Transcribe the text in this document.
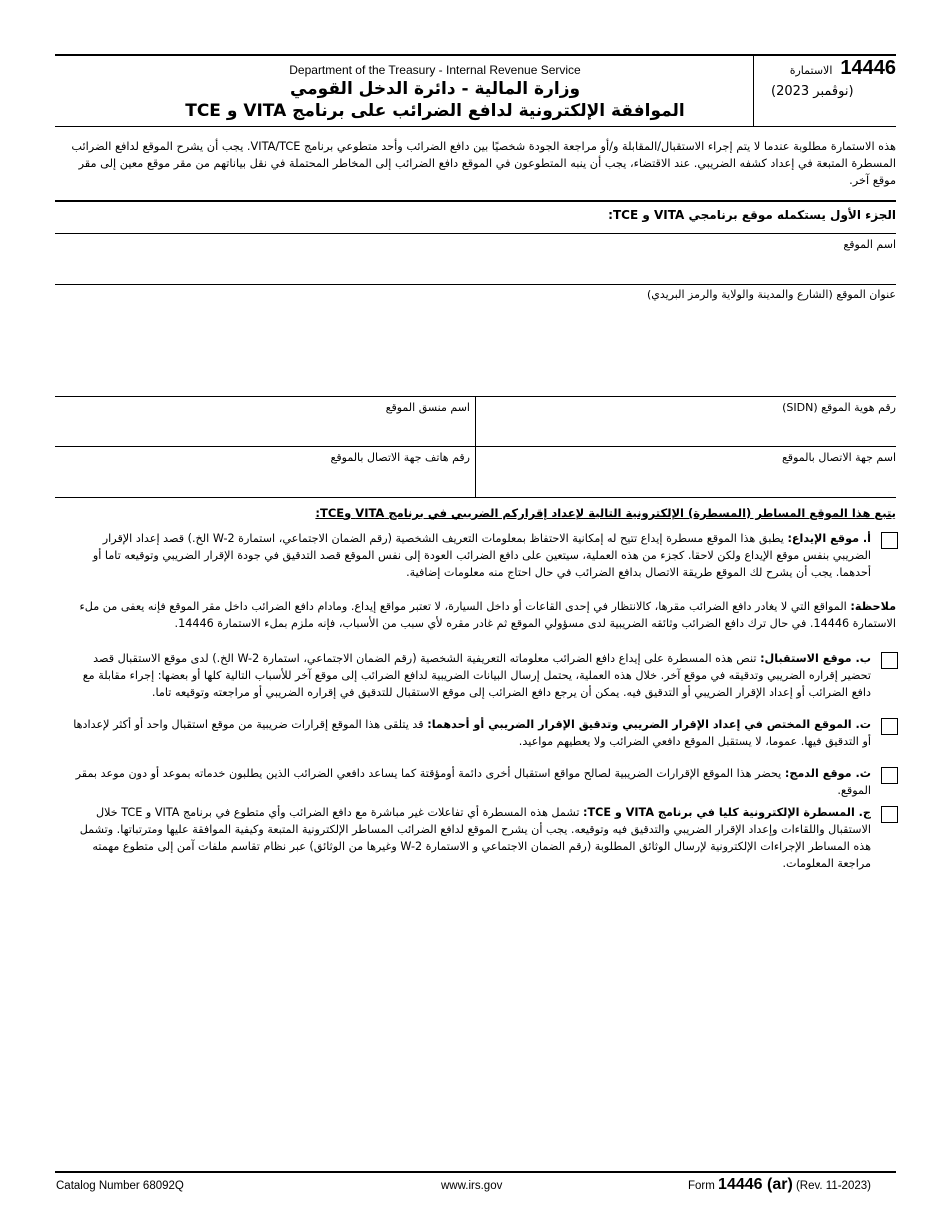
الاستمارة 14446
(نوڤمبر 2023)
Department of the Treasury - Internal Revenue Service
وزارة المالية - دائرة الدخل القومي
الموافقة الإلكترونية لدافع الضرائب على برنامج VITA و TCE
هذه الاستمارة مطلوبة عندما لا يتم إجراء الاستقبال/المقابلة و/أو مراجعة الجودة شخصيًا بين دافع الضرائب وأحد متطوعي برنامج VITA/TCE. يجب أن يشرح الموقع لدافع الضرائب المسطرة المتبعة في إعداد كشفه الضريبي. عند الاقتضاء، يجب أن ينبه المتطوعون في الموقع دافع الضرائب إلى المخاطر المحتملة في نقل بياناتهم من مقر موقع معين إلى مقر موقع آخر.
الجزء الأول يستكمله موقع برنامجي VITA و TCE:
اسم الموقع
عنوان الموقع (الشارع والمدينة والولاية والرمز البريدي)
رقم هوية الموقع (SIDN)
اسم منسق الموقع
اسم جهة الاتصال بالموقع
رقم هاتف جهة الاتصال بالموقع
يتبع هذا الموقع المساطر (المسطرة) الإلكترونية التالية لإعداد إقراركم الضريبي في برنامج VITA وTCE:
أ. موقع الإيداع: يطبق هذا الموقع مسطرة إيداع تتيح له إمكانية الاحتفاظ بمعلومات التعريف الشخصية (رقم الضمان الاجتماعي، استمارة W-2 الخ.) قصد إعداد الإقرار الضريبي بنفس موقع الإيداع ولكن لاحقا. كجزء من هذه العملية، سيتعين على دافع الضرائب العودة إلى نفس الموقع قصد التدقيق في جودة الإقرار الضريبي وتوقيعه تاما أو أحدهما. يجب أن يشرح لك الموقع طريقة الاتصال بدافع الضرائب في حال احتاج منه معلومات إضافية.
ملاحظة: المواقع التي لا يغادر دافع الضرائب مقرها، كالانتظار في إحدى القاعات أو داخل السيارة، لا تعتبر مواقع إيداع. ومادام دافع الضرائب داخل مقر الموقع فإنه يعفى من ملء الاستمارة 14446. في حال ترك دافع الضرائب وثائقه الضريبية لدى مسؤولي الموقع ثم غادر مقره لأي سبب من الأسباب، فإنه ملزم بملء الاستمارة 14446.
ب. موقع الاستقبال: تنص هذه المسطرة على إيداع دافع الضرائب معلوماته التعريفية الشخصية (رقم الضمان الاجتماعي، استمارة W-2 الخ.) لدى موقع الاستقبال قصد تحضير إقراره الضريبي وتدقيقه في موقع آخر. خلال هذه العملية، يحتمل إرسال البيانات الضريبية لدافع الضرائب إلى موقع آخر للأسباب التالية كلها أو بعضها: إجراء مقابلة مع دافع الضرائب أو إعداد الإقرار الضريبي أو التدقيق فيه. يمكن أن يرجع دافع الضرائب إلى موقع الاستقبال للتدقيق في إقراره الضريبي أو مراجعته وتوقيعه تاما.
ت. الموقع المختص في إعداد الإقرار الضريبي وتدقيق الإقرار الضريبي أو أحدهما: قد يتلقى هذا الموقع إقرارات ضريبية من موقع استقبال واحد أو أكثر لإعدادها أو التدقيق فيها. عموما، لا يستقبل الموقع دافعي الضرائب ولا يعطيهم مواعيد.
ث. موقع الدمج: يحضر هذا الموقع الإقرارات الضريبية لصالح مواقع استقبال أخرى دائمة أومؤقتة كما يساعد دافعي الضرائب الذين يطلبون خدماته بموعد أو دون موعد بمقر الموقع.
ج. المسطرة الإلكترونية كليا في برنامج VITA و TCE: تشمل هذه المسطرة أي تفاعلات غير مباشرة مع دافع الضرائب وأي متطوع في برنامج VITA و TCE خلال الاستقبال واللقاءات وإعداد الإقرار الضريبي والتدقيق فيه وتوقيعه. يجب أن يشرح الموقع لدافع الضرائب المساطر الإلكترونية المتبعة وكيفية الموافقة عليها ومترتباتها. وتشمل هذه المساطر الإجراءات الإلكترونية لإرسال الوثائق المطلوبة (رقم الضمان الاجتماعي و الاستمارة W-2 وغيرها من الوثائق) عبر نظام تقاسم ملفات آمن إلى متطوع مهمته مراجعة المعلومات.
Catalog Number 68092Q	www.irs.gov	Form 14446 (ar) (Rev. 11-2023)
